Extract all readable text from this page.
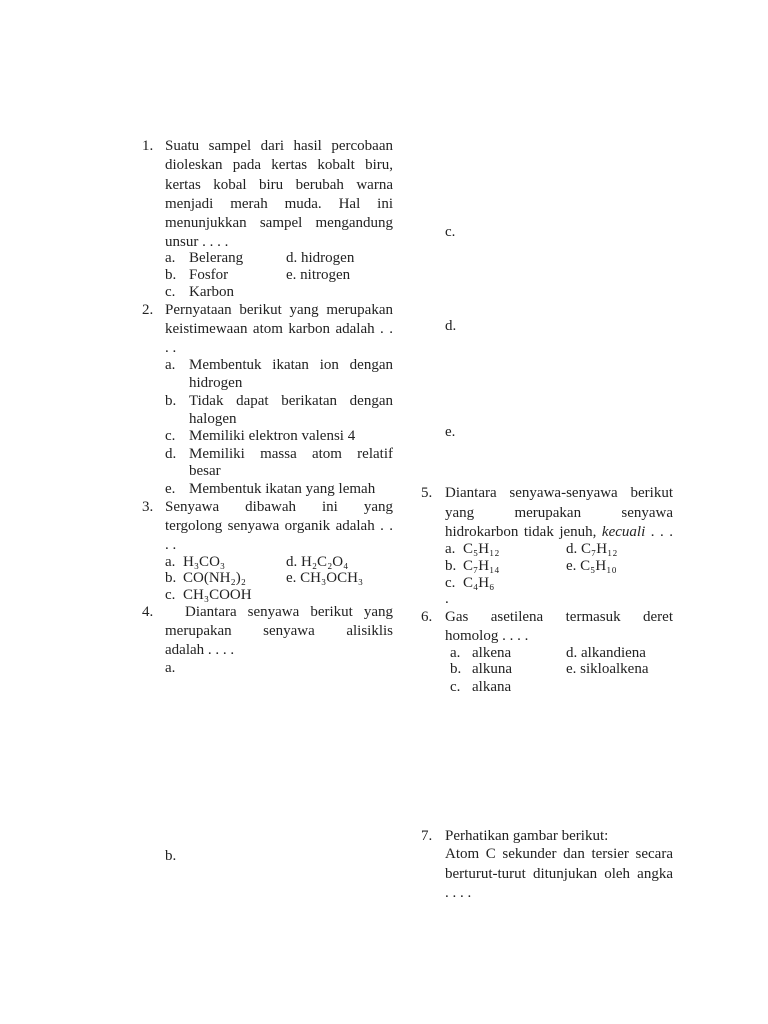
1. Suatu sampel dari hasil percobaan
dioleskan pada kertas kobalt biru,
kertas kobal biru berubah warna
menjadi merah muda. Hal ini
menunjukkan sampel mengandung
unsur . . . .
a. Belerang	d. hidrogen
b. Fosfor	e. nitrogen
c. Karbon
2. Pernyataan berikut yang merupakan
keistimewaan atom karbon adalah . .
. .
a. Membentuk ikatan ion dengan
hidrogen
b. Tidak dapat berikatan dengan
halogen
c. Memiliki elektron valensi 4
d. Memiliki massa atom relatif
besar
e. Membentuk ikatan yang lemah
3. Senyawa dibawah ini yang
tergolong senyawa organik adalah . .
. .
a. H₃CO₃	d. H₂C₂O₄
b. CO(NH₂)₂	e. CH₃OCH₃
c. CH₃COOH
4. Diantara senyawa berikut yang
merupakan senyawa alisiklis
adalah . . . .
a.
b.
c.
d.
e.
5. Diantara senyawa-senyawa berikut
yang merupakan senyawa
hidrokarbon tidak jenuh, kecuali . . .
a. C₅H₁₂	d. C₇H₁₂
b. C₇H₁₄	e. C₅H₁₀
c. C₄H₆
.
6. Gas asetilena termasuk deret
homolog . . . .
a. alkena	d. alkandiena
b. alkuna	e. sikloalkena
c. alkana
7. Perhatikan gambar berikut:
Atom C sekunder dan tersier secara
berturut-turut ditunjukan oleh angka
. . . .
